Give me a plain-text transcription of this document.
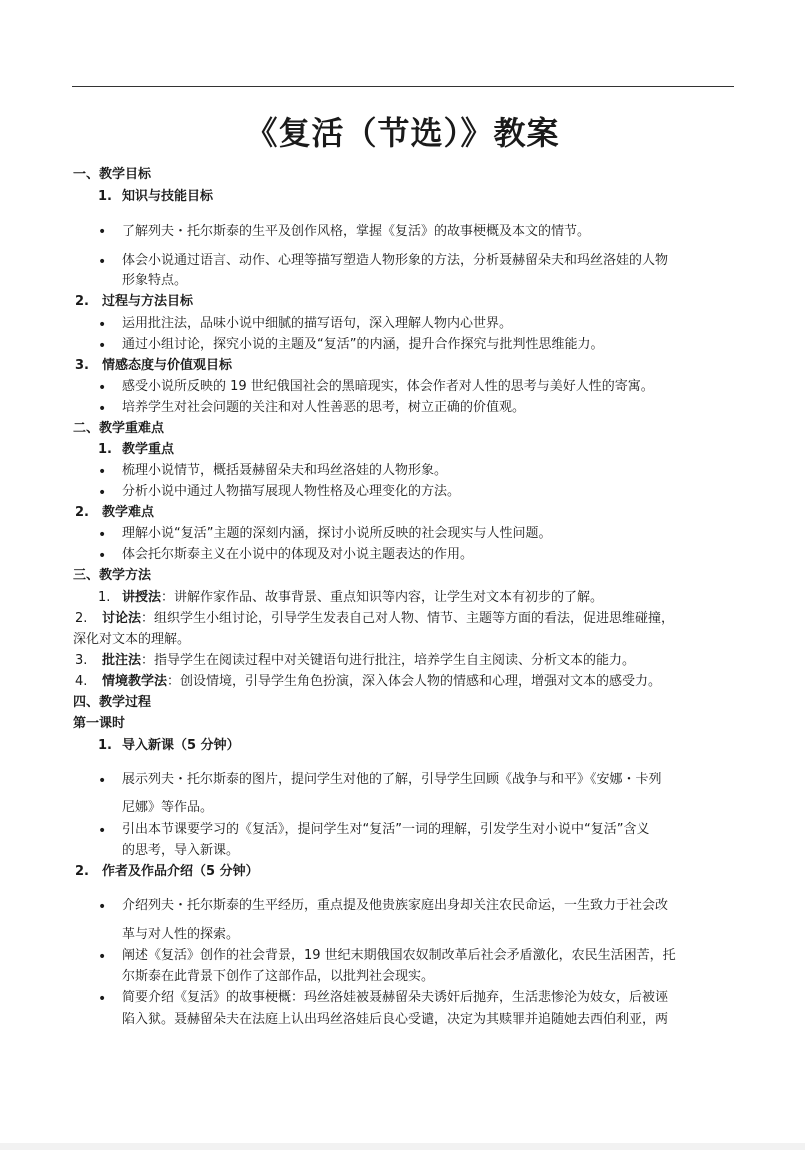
《复活（节选）》教案
一、教学目标
1. 知识与技能目标
• 了解列夫・托尔斯泰的生平及创作风格，掌握《复活》的故事梗概及本文的情节。
• 体会小说通过语言、动作、心理等描写塑造人物形象的方法，分析聂赫留朵夫和玛丝洛娃的人物
形象特点。
2. 过程与方法目标
• 运用批注法，品味小说中细腻的描写语句，深入理解人物内心世界。
• 通过小组讨论，探究小说的主题及“复活”的内涵，提升合作探究与批判性思维能力。
3. 情感态度与价值观目标
• 感受小说所反映的 19 世纪俄国社会的黑暗现实，体会作者对人性的思考与美好人性的寄寓。
• 培养学生对社会问题的关注和对人性善恶的思考，树立正确的价值观。
二、教学重难点
1. 教学重点
• 梳理小说情节，概括聂赫留朵夫和玛丝洛娃的人物形象。
• 分析小说中通过人物描写展现人物性格及心理变化的方法。
2. 教学难点
• 理解小说“复活”主题的深刻内涵，探讨小说所反映的社会现实与人性问题。
• 体会托尔斯泰主义在小说中的体现及对小说主题表达的作用。
三、教学方法
1. 讲授法：讲解作家作品、故事背景、重点知识等内容，让学生对文本有初步的了解。
2. 讨论法：组织学生小组讨论，引导学生发表自己对人物、情节、主题等方面的看法，促进思维碰撞，
深化对文本的理解。
3. 批注法：指导学生在阅读过程中对关键语句进行批注，培养学生自主阅读、分析文本的能力。
4. 情境教学法：创设情境，引导学生角色扮演，深入体会人物的情感和心理，增强对文本的感受力。
四、教学过程
第一课时
1. 导入新课（5 分钟）
• 展示列夫・托尔斯泰的图片，提问学生对他的了解，引导学生回顾《战争与和平》《安娜・卡列
尼娜》等作品。
• 引出本节课要学习的《复活》，提问学生对“复活”一词的理解，引发学生对小说中“复活”含义
的思考，导入新课。
2. 作者及作品介绍（5 分钟）
• 介绍列夫・托尔斯泰的生平经历，重点提及他贵族家庭出身却关注农民命运，一生致力于社会改
革与对人性的探索。
• 阐述《复活》创作的社会背景，19 世纪末期俄国农奴制改革后社会矛盾激化，农民生活困苦，托
尔斯泰在此背景下创作了这部作品，以批判社会现实。
• 简要介绍《复活》的故事梗概：玛丝洛娃被聂赫留朵夫诱奸后抛弃，生活悲惨沦为妓女，后被诬
陷入狱。聂赫留朵夫在法庭上认出玛丝洛娃后良心受谴，决定为其赎罪并追随她去西伯利亚，两
